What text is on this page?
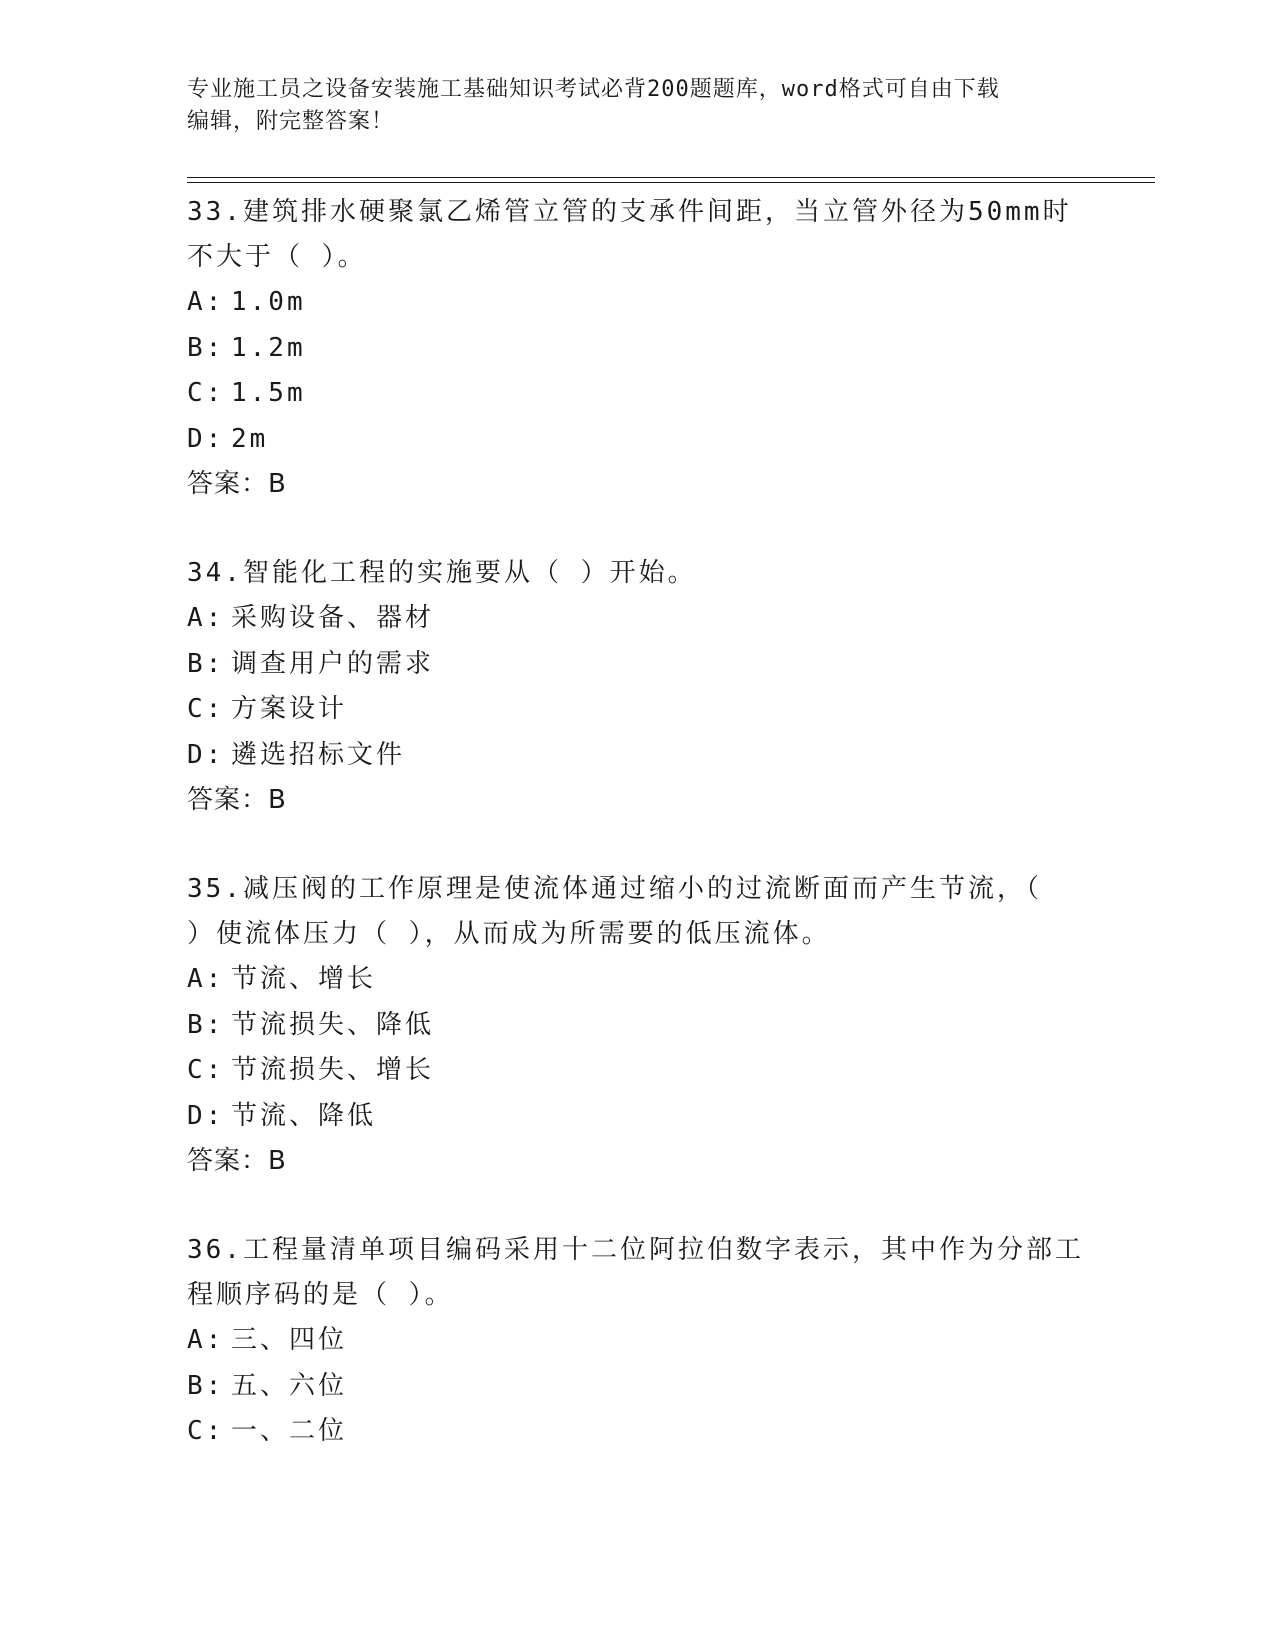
专业施工员之设备安装施工基础知识考试必背200题题库，word格式可自由下载
编辑，附完整答案！

33.建筑排水硬聚氯乙烯管立管的支承件间距，当立管外径为50mm时

不大于（ ）。

A: 1.0m

B: 1.2m

C: 1.5m

D: 2m

答案：B

34.智能化工程的实施要从（ ）开始。

A: 采购设备、器材

B: 调查用户的需求

C: 方案设计

D: 遴选招标文件

答案：B

35.减压阀的工作原理是使流体通过缩小的过流断面而产生节流，（

）使流体压力（ ），从而成为所需要的低压流体。

A: 节流、增长

B: 节流损失、降低

C: 节流损失、增长

D: 节流、降低

答案：B

36.工程量清单项目编码采用十二位阿拉伯数字表示，其中作为分部工

程顺序码的是（ ）。

A: 三、四位

B: 五、六位

C: 一、二位
